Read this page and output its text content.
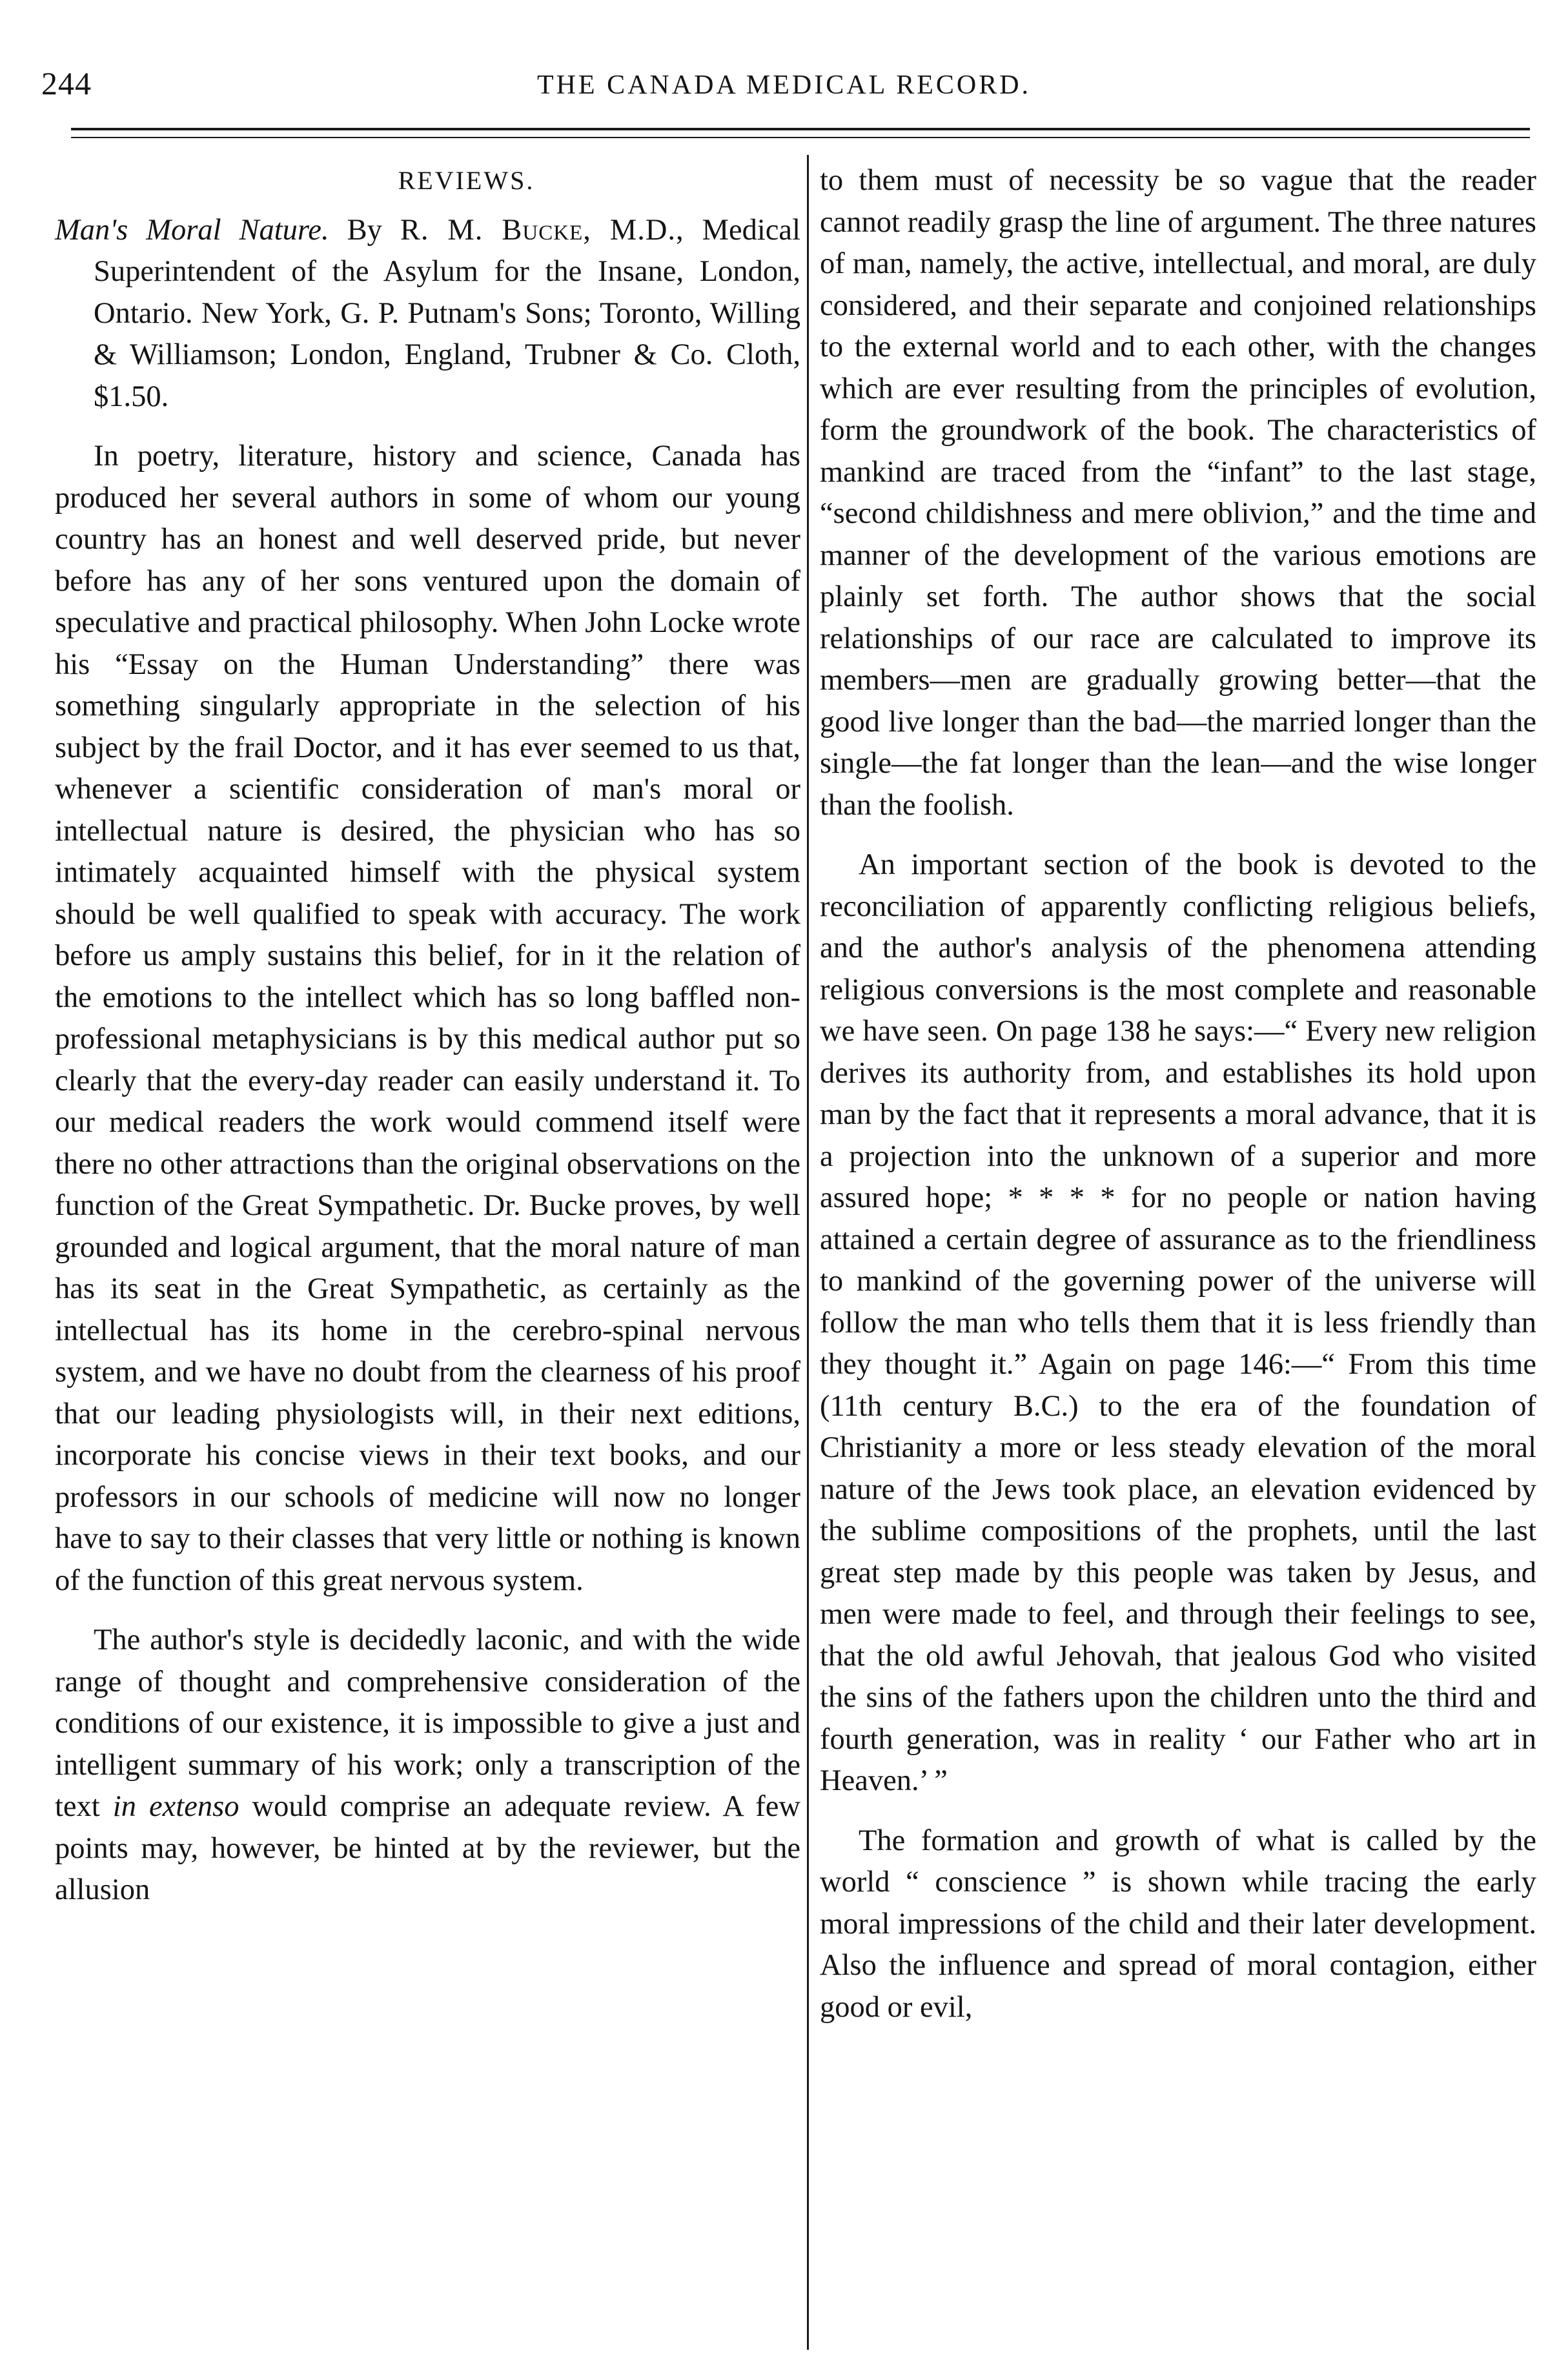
244	THE CANADA MEDICAL RECORD.
REVIEWS.

Man's Moral Nature. By R. M. Bucke, M.D., Medical Superintendent of the Asylum for the Insane, London, Ontario. New York, G. P. Putnam's Sons; Toronto, Willing & Williamson; London, England, Trubner & Co. Cloth, $1.50.

In poetry, literature, history and science, Canada has produced her several authors in some of whom our young country has an honest and well deserved pride, but never before has any of her sons ventured upon the domain of speculative and practical philosophy. When John Locke wrote his “Essay on the Human Understanding” there was something singularly appropriate in the selection of his subject by the frail Doctor, and it has ever seemed to us that, whenever a scientific consideration of man's moral or intellectual nature is desired, the physician who has so intimately acquainted himself with the physical system should be well qualified to speak with accuracy. The work before us amply sustains this belief, for in it the relation of the emotions to the intellect which has so long baffled non-professional metaphysicians is by this medical author put so clearly that the every-day reader can easily understand it. To our medical readers the work would commend itself were there no other attractions than the original observations on the function of the Great Sympathetic. Dr. Bucke proves, by well grounded and logical argument, that the moral nature of man has its seat in the Great Sympathetic, as certainly as the intellectual has its home in the cerebro-spinal nervous system, and we have no doubt from the clearness of his proof that our leading physiologists will, in their next editions, incorporate his concise views in their text books, and our professors in our schools of medicine will now no longer have to say to their classes that very little or nothing is known of the function of this great nervous system.

The author's style is decidedly laconic, and with the wide range of thought and comprehensive consideration of the conditions of our existence, it is impossible to give a just and intelligent summary of his work; only a transcription of the text in extenso would comprise an adequate review. A few points may, however, be hinted at by the reviewer, but the allusion

to them must of necessity be so vague that the reader cannot readily grasp the line of argument. The three natures of man, namely, the active, intellectual, and moral, are duly considered, and their separate and conjoined relationships to the external world and to each other, with the changes which are ever resulting from the principles of evolution, form the groundwork of the book. The characteristics of mankind are traced from the “infant” to the last stage, “second childishness and mere oblivion,” and the time and manner of the development of the various emotions are plainly set forth. The author shows that the social relationships of our race are calculated to improve its members—men are gradually growing better—that the good live longer than the bad—the married longer than the single—the fat longer than the lean—and the wise longer than the foolish.

An important section of the book is devoted to the reconciliation of apparently conflicting religious beliefs, and the author's analysis of the phenomena attending religious conversions is the most complete and reasonable we have seen. On page 138 he says:—“ Every new religion derives its authority from, and establishes its hold upon man by the fact that it represents a moral advance, that it is a projection into the unknown of a superior and more assured hope; * * * * for no people or nation having attained a certain degree of assurance as to the friendliness to mankind of the governing power of the universe will follow the man who tells them that it is less friendly than they thought it.” Again on page 146:—“ From this time (11th century B.C.) to the era of the foundation of Christianity a more or less steady elevation of the moral nature of the Jews took place, an elevation evidenced by the sublime compositions of the prophets, until the last great step made by this people was taken by Jesus, and men were made to feel, and through their feelings to see, that the old awful Jehovah, that jealous God who visited the sins of the fathers upon the children unto the third and fourth generation, was in reality ‘ our Father who art in Heaven.’ ”

The formation and growth of what is called by the world “ conscience ” is shown while tracing the early moral impressions of the child and their later development. Also the influence and spread of moral contagion, either good or evil,
